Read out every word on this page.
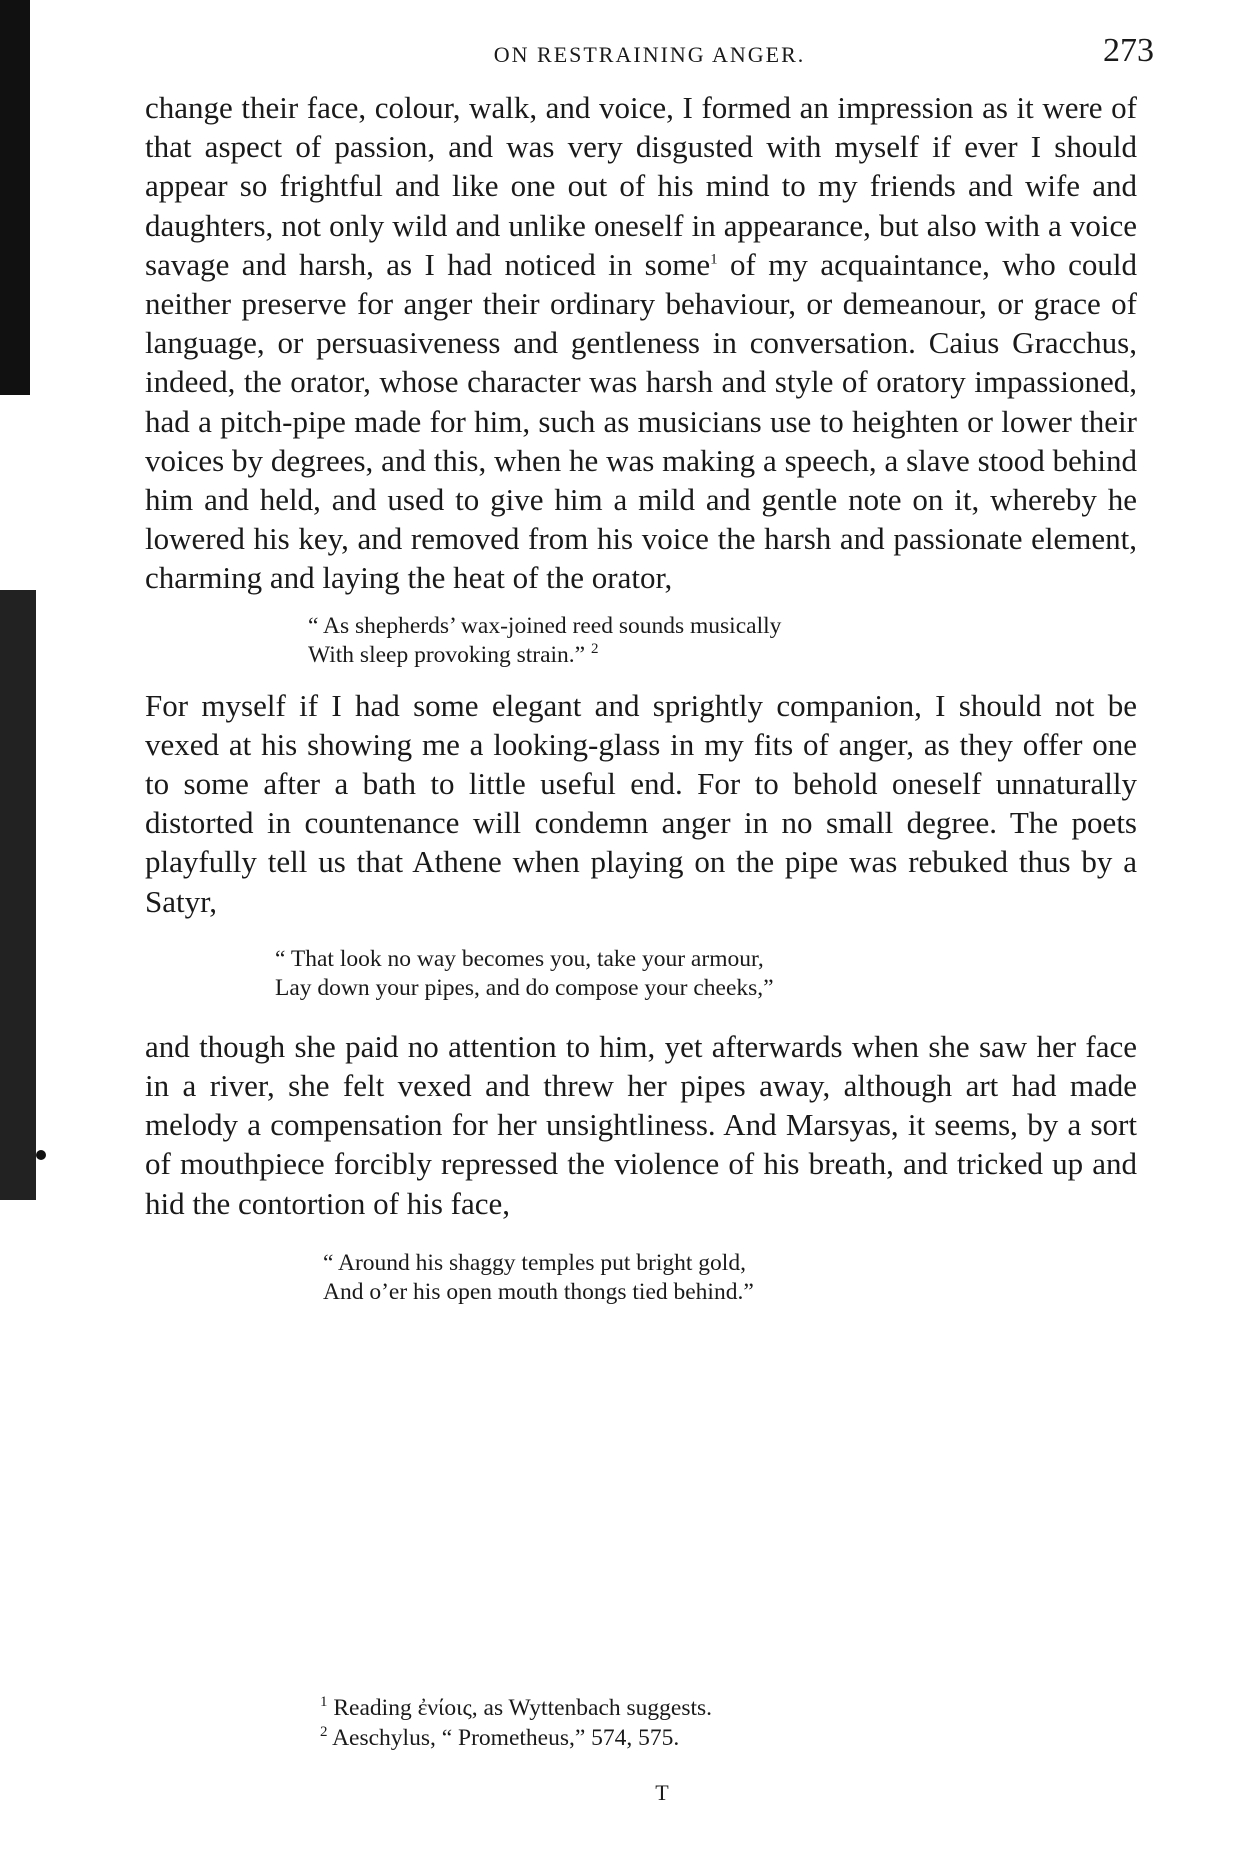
ON RESTRAINING ANGER.	273

change their face, colour, walk, and voice, I formed an impression as it were of that aspect of passion, and was very disgusted with myself if ever I should appear so frightful and like one out of his mind to my friends and wife and daughters, not only wild and unlike oneself in appearance, but also with a voice savage and harsh, as I had noticed in some$^1$ of my acquaintance, who could neither preserve for anger their ordinary behaviour, or demeanour, or grace of language, or persuasiveness and gentleness in conversation. Caius Gracchus, indeed, the orator, whose character was harsh and style of oratory impassioned, had a pitch-pipe made for him, such as musicians use to heighten or lower their voices by degrees, and this, when he was making a speech, a slave stood behind him and held, and used to give him a mild and gentle note on it, whereby he lowered his key, and removed from his voice the harsh and passionate element, charming and laying the heat of the orator,

“ As shepherds’ wax-joined reed sounds musically
With sleep provoking strain.” $^2$

For myself if I had some elegant and sprightly companion, I should not be vexed at his showing me a looking-glass in my fits of anger, as they offer one to some after a bath to little useful end. For to behold oneself unnaturally distorted in countenance will condemn anger in no small degree. The poets playfully tell us that Athene when playing on the pipe was rebuked thus by a Satyr,

“ That look no way becomes you, take your armour,
Lay down your pipes, and do compose your cheeks,”

and though she paid no attention to him, yet afterwards when she saw her face in a river, she felt vexed and threw her pipes away, although art had made melody a compensation for her unsightliness. And Marsyas, it seems, by a sort of mouthpiece forcibly repressed the violence of his breath, and tricked up and hid the contortion of his face,

“ Around his shaggy temples put bright gold,
And o’er his open mouth thongs tied behind.”
$^1$ Reading ἐνίοις, as Wyttenbach suggests.
$^2$ Aeschylus, “ Prometheus,” 574, 575.
T
